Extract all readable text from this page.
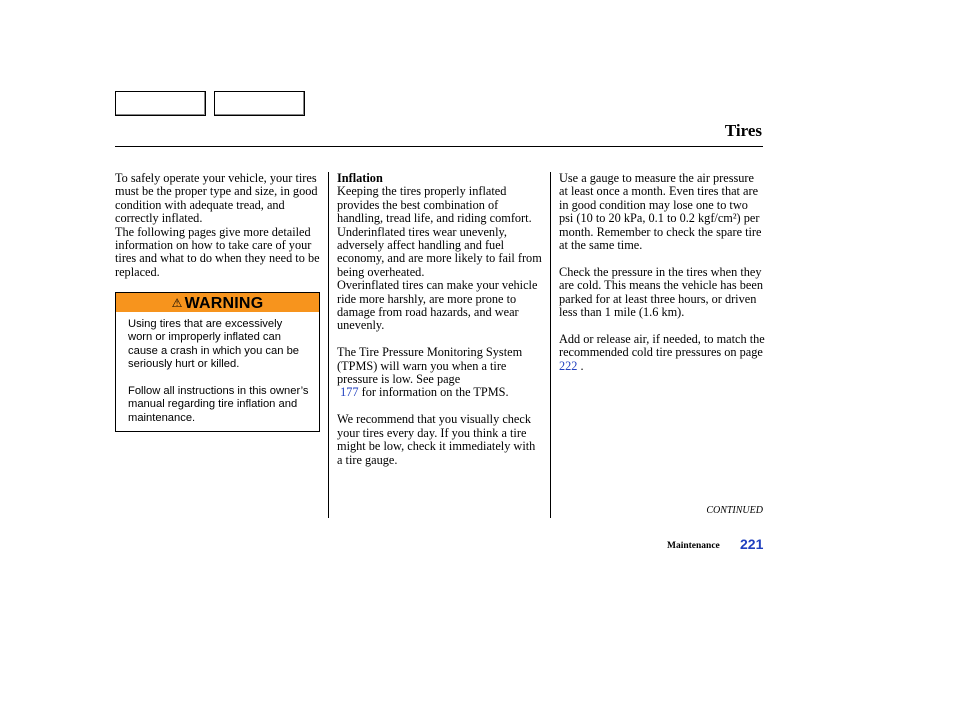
Tires

To safely operate your vehicle, your tires must be the proper type and size, in good condition with adequate tread, and correctly inflated.

The following pages give more detailed information on how to take care of your tires and what to do when they need to be replaced.

⚠ WARNING

Using tires that are excessively worn or improperly inflated can cause a crash in which you can be seriously hurt or killed.

Follow all instructions in this owner’s manual regarding tire inflation and maintenance.

Inflation

Keeping the tires properly inflated provides the best combination of handling, tread life, and riding comfort.

Underinflated tires wear unevenly, adversely affect handling and fuel economy, and are more likely to fail from being overheated.

Overinflated tires can make your vehicle ride more harshly, are more prone to damage from road hazards, and wear unevenly.

The Tire Pressure Monitoring System (TPMS) will warn you when a tire pressure is low. See page
177 for information on the TPMS.

We recommend that you visually check your tires every day. If you think a tire might be low, check it immediately with a tire gauge.

Use a gauge to measure the air pressure at least once a month. Even tires that are in good condition may lose one to two psi (10 to 20 kPa, 0.1 to 0.2 kgf/cm²) per month. Remember to check the spare tire at the same time.

Check the pressure in the tires when they are cold. This means the vehicle has been parked for at least three hours, or driven less than 1 mile (1.6 km).

Add or release air, if needed, to match the recommended cold tire pressures on page 222 .

CONTINUED
Maintenance 221
